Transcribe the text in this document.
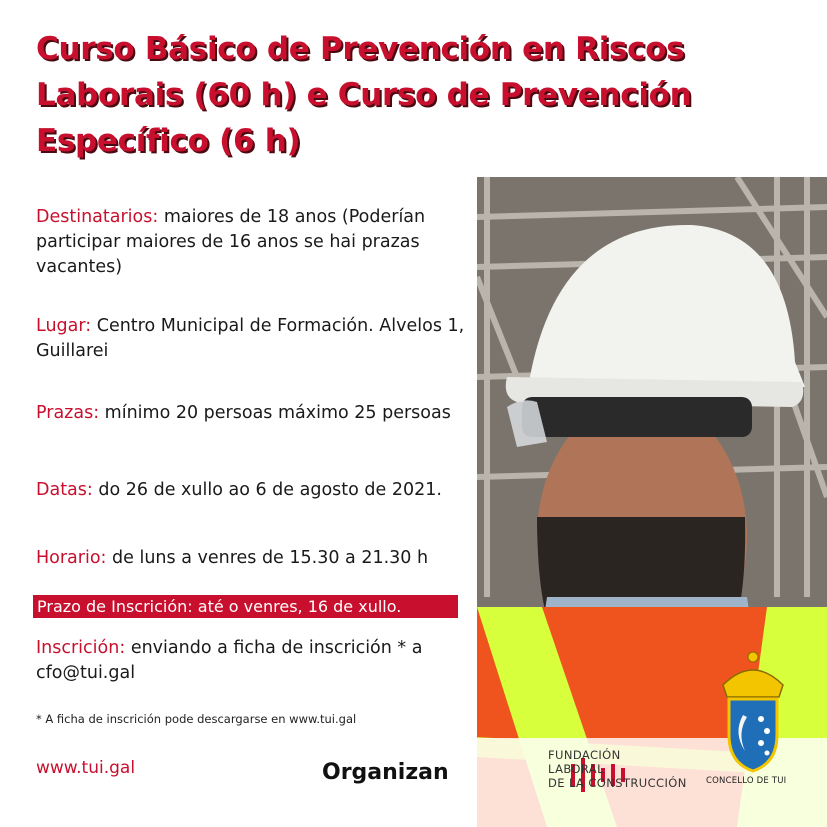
Curso Básico de Prevención en Riscos Laborais (60 h) e Curso de Prevención Específico (6 h)
Destinatarios: maiores de 18 anos (Poderían participar maiores de 16 anos se hai prazas vacantes)
Lugar: Centro Municipal de Formación. Alvelos 1, Guillarei
Prazas: mínimo 20 persoas máximo 25 persoas
Datas: do 26 de xullo ao 6 de agosto de 2021.
Horario: de luns a venres de 15.30 a 21.30 h
Prazo de Inscrición: até o venres, 16 de xullo.
Inscrición: enviando a ficha de inscrición * a cfo@tui.gal
* A ficha de inscrición pode descargarse en www.tui.gal
www.tui.gal	Organizan
FUNDACIÓN
LABORAL
DE LA CONSTRUCCIÓN CONCELLO DE TUI
